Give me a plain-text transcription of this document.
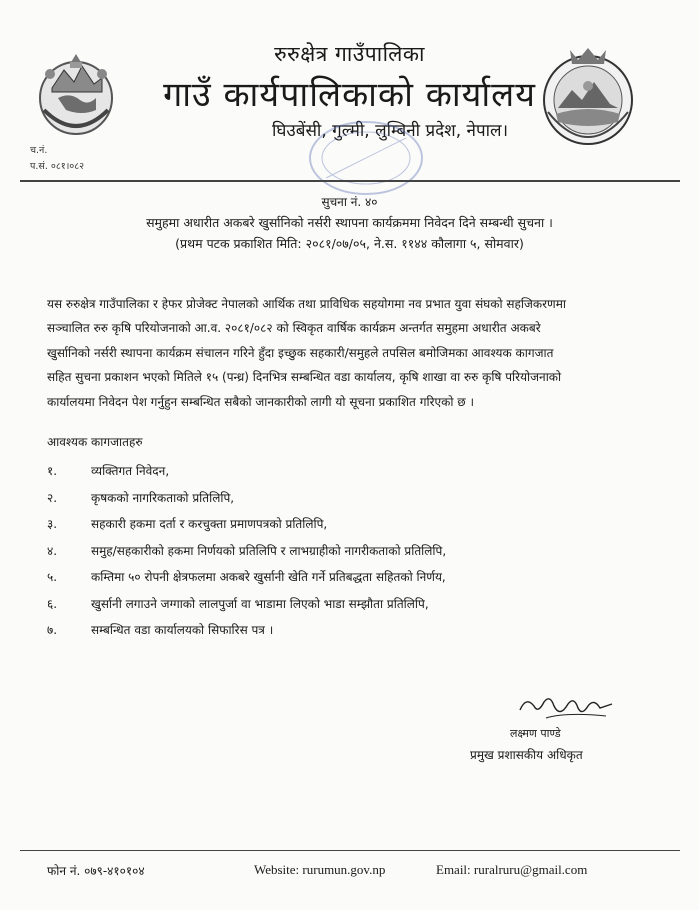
रुरुक्षेत्र गाउँपालिका
गाउँ कार्यपालिकाको कार्यालय
घिउबेंसी, गुल्मी, लुम्बिनी प्रदेश, नेपाल।
च.नं.
प.सं. ०८१।०८२
सुचना नं. ४०
समुहमा अधारीत अकबरे खुर्सानिको नर्सरी स्थापना कार्यक्रममा निवेदन दिने सम्बन्धी सुचना ।
(प्रथम पटक प्रकाशित मिति: २०८१/०७/०५, ने.स. ११४४ कौलागा ५, सोमवार)
यस रुरुक्षेत्र गाउँपालिका र हेफर प्रोजेक्ट नेपालको आर्थिक तथा प्राविधिक सहयोगमा नव प्रभात युवा संघको सहजिकरणमा
सञ्चालित रुरु कृषि परियोजनाको आ.व. २०८१/०८२ को स्विकृत वार्षिक कार्यक्रम अन्तर्गत समुहमा अधारीत अकबरे
खुर्सानिको नर्सरी स्थापना कार्यक्रम संचालन गरिने हुँदा इच्छुक सहकारी/समुहले तपसिल बमोजिमका आवश्यक कागजात
सहित सुचना प्रकाशन भएको मितिले १५ (पन्ध्र) दिनभित्र सम्बन्धित वडा कार्यालय, कृषि शाखा वा रुरु कृषि परियोजनाको
कार्यालयमा निवेदन पेश गर्नुहुन सम्बन्धित सबैको जानकारीको लागी यो सूचना प्रकाशित गरिएको छ ।
आवश्यक कागजातहरु
१.	व्यक्तिगत निवेदन,
२.	कृषकको नागरिकताको प्रतिलिपि,
३.	सहकारी हकमा दर्ता र करचुक्ता प्रमाणपत्रको प्रतिलिपि,
४.	समुह/सहकारीको हकमा निर्णयको प्रतिलिपि र लाभग्राहीको नागरीकताको प्रतिलिपि,
५.	कम्तिमा ५० रोपनी क्षेत्रफलमा अकबरे खुर्सानी खेति गर्ने प्रतिबद्धता सहितको निर्णय,
६.	खुर्सानी लगाउने जग्गाको लालपुर्जा वा भाडामा लिएको भाडा सम्झौता प्रतिलिपि,
७.	सम्बन्धित वडा कार्यालयको सिफारिस पत्र ।
लक्ष्मण पाण्डे
प्रमुख प्रशासकीय अधिकृत
फोन नं. ०७९-४१०१०४	Website: rurumun.gov.np	Email: ruralruru@gmail.com
